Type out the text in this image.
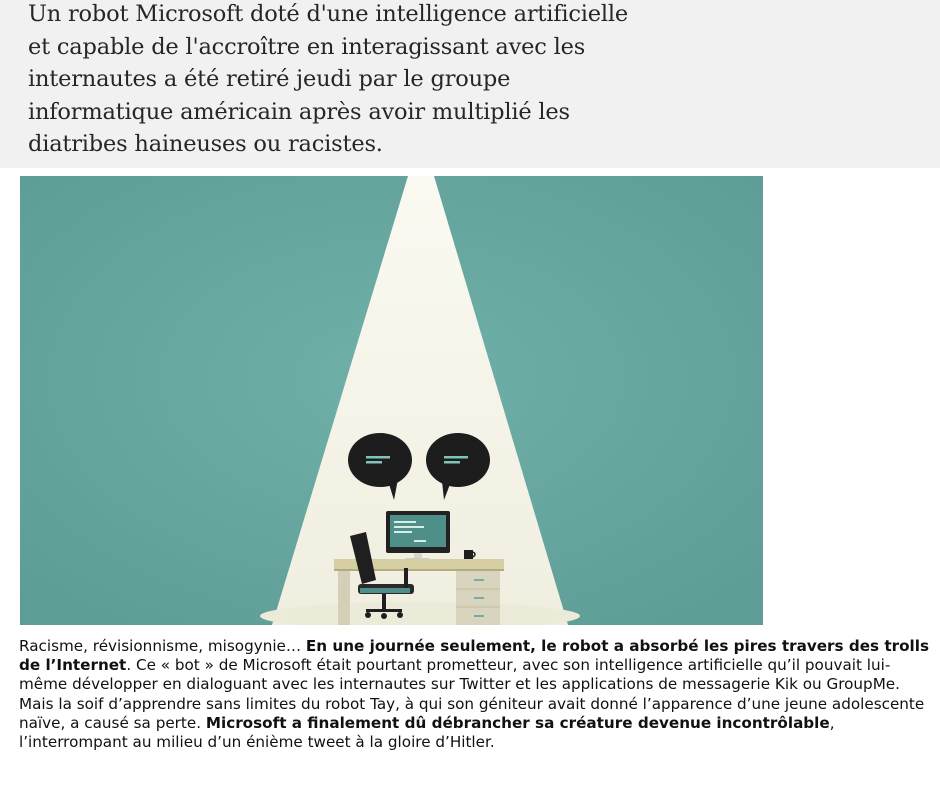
Un robot Microsoft doté d'une intelligence artificielle et capable de l'accroître en interagissant avec les internautes a été retiré jeudi par le groupe informatique américain après avoir multiplié les diatribes haineuses ou racistes.

Racisme, révisionnisme, misogynie… En une journée seulement, le robot a absorbé les pires travers des trolls de l’Internet. Ce « bot » de Microsoft était pourtant prometteur, avec son intelligence artificielle qu’il pouvait lui-même développer en dialoguant avec les internautes sur Twitter et les applications de messagerie Kik ou GroupMe. Mais la soif d’apprendre sans limites du robot Tay, à qui son géniteur avait donné l’apparence d’une jeune adolescente naïve, a causé sa perte. Microsoft a finalement dû débrancher sa créature devenue incontrôlable, l’interrompant au milieu d’un énième tweet à la gloire d’Hitler.
